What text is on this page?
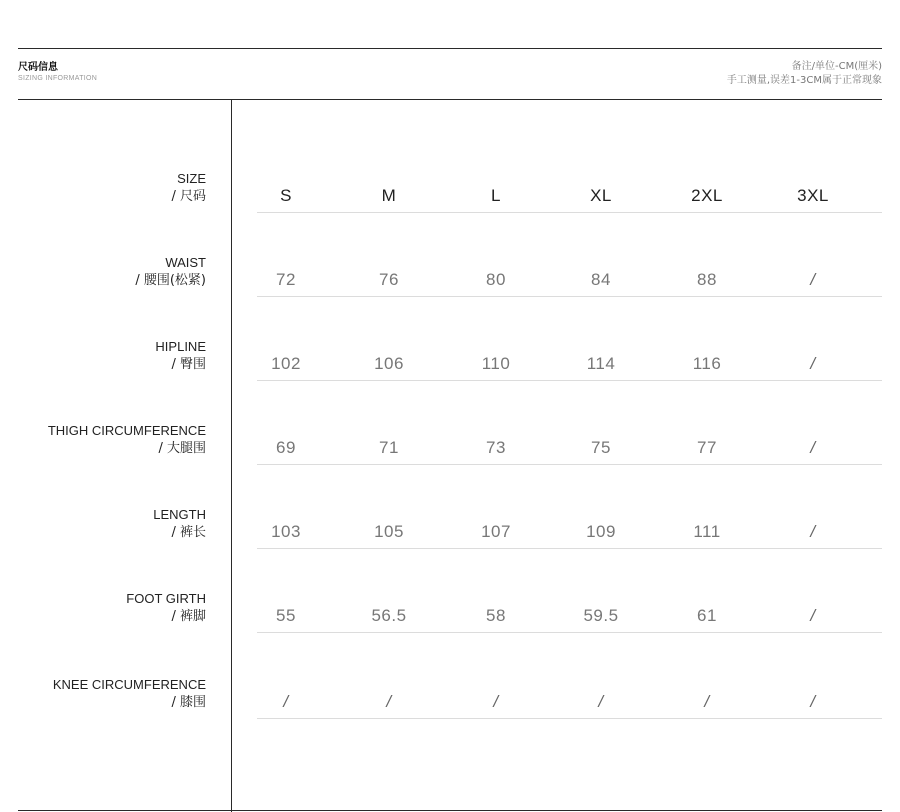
尺码信息
SIZING INFORMATION
备注/单位-CM(厘米)
手工测量,误差1-3CM属于正常现象
SIZE
/ 尺码	S	M	L	XL	2XL	3XL
WAIST
/ 腰围(松紧)	72	76	80	84	88	/
HIPLINE
/ 臀围	102	106	110	114	116	/
THIGH CIRCUMFERENCE
/ 大腿围	69	71	73	75	77	/
LENGTH
/ 裤长	103	105	107	109	111	/
FOOT GIRTH
/ 裤脚	55	56.5	58	59.5	61	/
KNEE CIRCUMFERENCE
/ 膝围	/	/	/	/	/	/
